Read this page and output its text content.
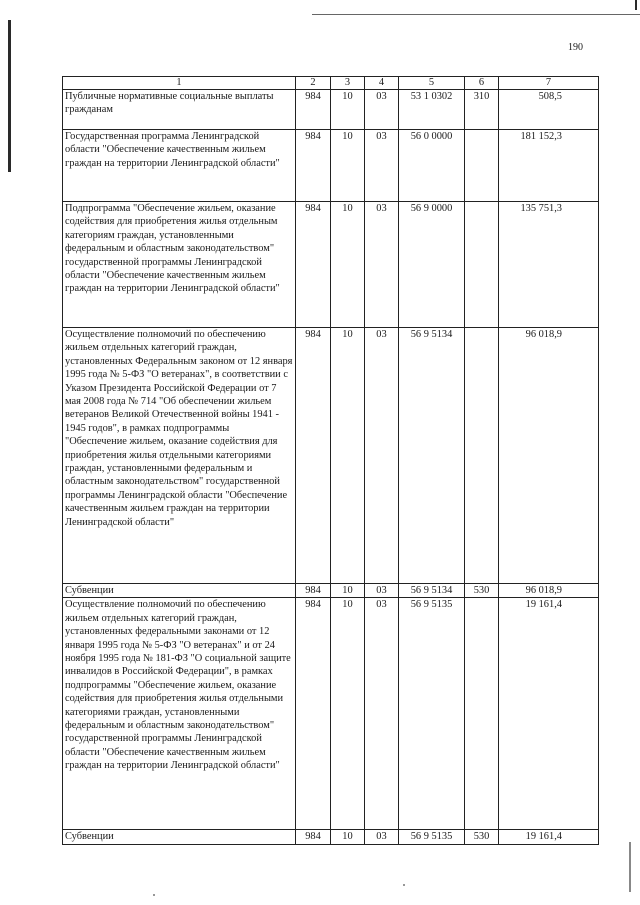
190
1	2	3	4	5	6	7
Публичные нормативные социальные выплаты гражданам	984	10	03	53 1 0302	310	508,5
Государственная программа Ленинградской области "Обеспечение качественным жильем граждан на территории Ленинградской области"	984	10	03	56 0 0000		181 152,3
Подпрограмма "Обеспечение жильем, оказание содействия для приобретения жилья отдельным категориям граждан, установленными федеральным и областным законодательством" государственной программы Ленинградской области "Обеспечение качественным жильем граждан на территории Ленинградской области"	984	10	03	56 9 0000		135 751,3
Осуществление полномочий по обеспечению жильем отдельных категорий граждан, установленных Федеральным законом от 12 января 1995 года № 5-ФЗ "О ветеранах", в соответствии с Указом Президента Российской Федерации от 7 мая 2008 года № 714 "Об обеспечении жильем ветеранов Великой Отечественной войны 1941 - 1945 годов", в рамках подпрограммы "Обеспечение жильем, оказание содействия для приобретения жилья отдельными категориями граждан, установленными федеральным и областным законодательством" государственной программы Ленинградской области "Обеспечение качественным жильем граждан на территории Ленинградской области"	984	10	03	56 9 5134		96 018,9
Субвенции	984	10	03	56 9 5134	530	96 018,9
Осуществление полномочий по обеспечению жильем отдельных категорий граждан, установленных федеральными законами от 12 января 1995 года № 5-ФЗ "О ветеранах" и от 24 ноября 1995 года № 181-ФЗ "О социальной защите инвалидов в Российской Федерации", в рамках подпрограммы "Обеспечение жильем, оказание содействия для приобретения жилья отдельными категориями граждан, установленными федеральным и областным законодательством" государственной программы Ленинградской области "Обеспечение качественным жильем граждан на территории Ленинградской области"	984	10	03	56 9 5135		19 161,4
Субвенции	984	10	03	56 9 5135	530	19 161,4
